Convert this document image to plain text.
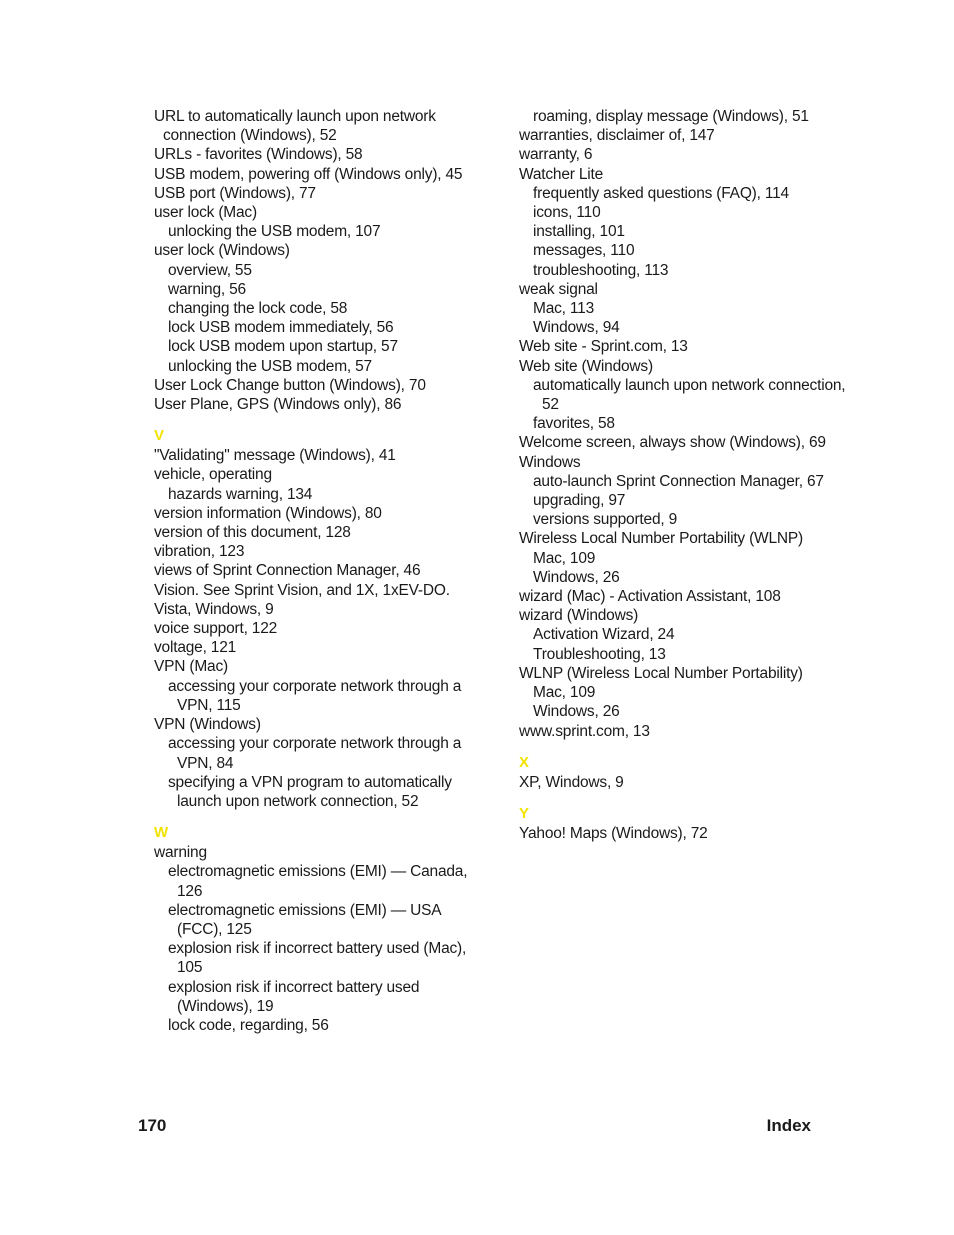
URL to automatically launch upon network connection (Windows), 52
URLs - favorites (Windows), 58
USB modem, powering off (Windows only), 45
USB port (Windows), 77
user lock (Mac)
unlocking the USB modem, 107
user lock (Windows)
overview, 55
warning, 56
changing the lock code, 58
lock USB modem immediately, 56
lock USB modem upon startup, 57
unlocking the USB modem, 57
User Lock Change button (Windows), 70
User Plane, GPS (Windows only), 86
V
"Validating" message (Windows), 41
vehicle, operating
hazards warning, 134
version information (Windows), 80
version of this document, 128
vibration, 123
views of Sprint Connection Manager, 46
Vision. See Sprint Vision, and 1X, 1xEV-DO.
Vista, Windows, 9
voice support, 122
voltage, 121
VPN (Mac)
accessing your corporate network through a VPN, 115
VPN (Windows)
accessing your corporate network through a VPN, 84
specifying a VPN program to automatically launch upon network connection, 52
W
warning
electromagnetic emissions (EMI) — Canada, 126
electromagnetic emissions (EMI) — USA (FCC), 125
explosion risk if incorrect battery used (Mac), 105
explosion risk if incorrect battery used (Windows), 19
lock code, regarding, 56
roaming, display message (Windows), 51
warranties, disclaimer of, 147
warranty, 6
Watcher Lite
frequently asked questions (FAQ), 114
icons, 110
installing, 101
messages, 110
troubleshooting, 113
weak signal
Mac, 113
Windows, 94
Web site - Sprint.com, 13
Web site (Windows)
automatically launch upon network connection, 52
favorites, 58
Welcome screen, always show (Windows), 69
Windows
auto-launch Sprint Connection Manager, 67
upgrading, 97
versions supported, 9
Wireless Local Number Portability (WLNP)
Mac, 109
Windows, 26
wizard (Mac) - Activation Assistant, 108
wizard (Windows)
Activation Wizard, 24
Troubleshooting, 13
WLNP (Wireless Local Number Portability)
Mac, 109
Windows, 26
www.sprint.com, 13
X
XP, Windows, 9
Y
Yahoo! Maps (Windows), 72
170	Index
